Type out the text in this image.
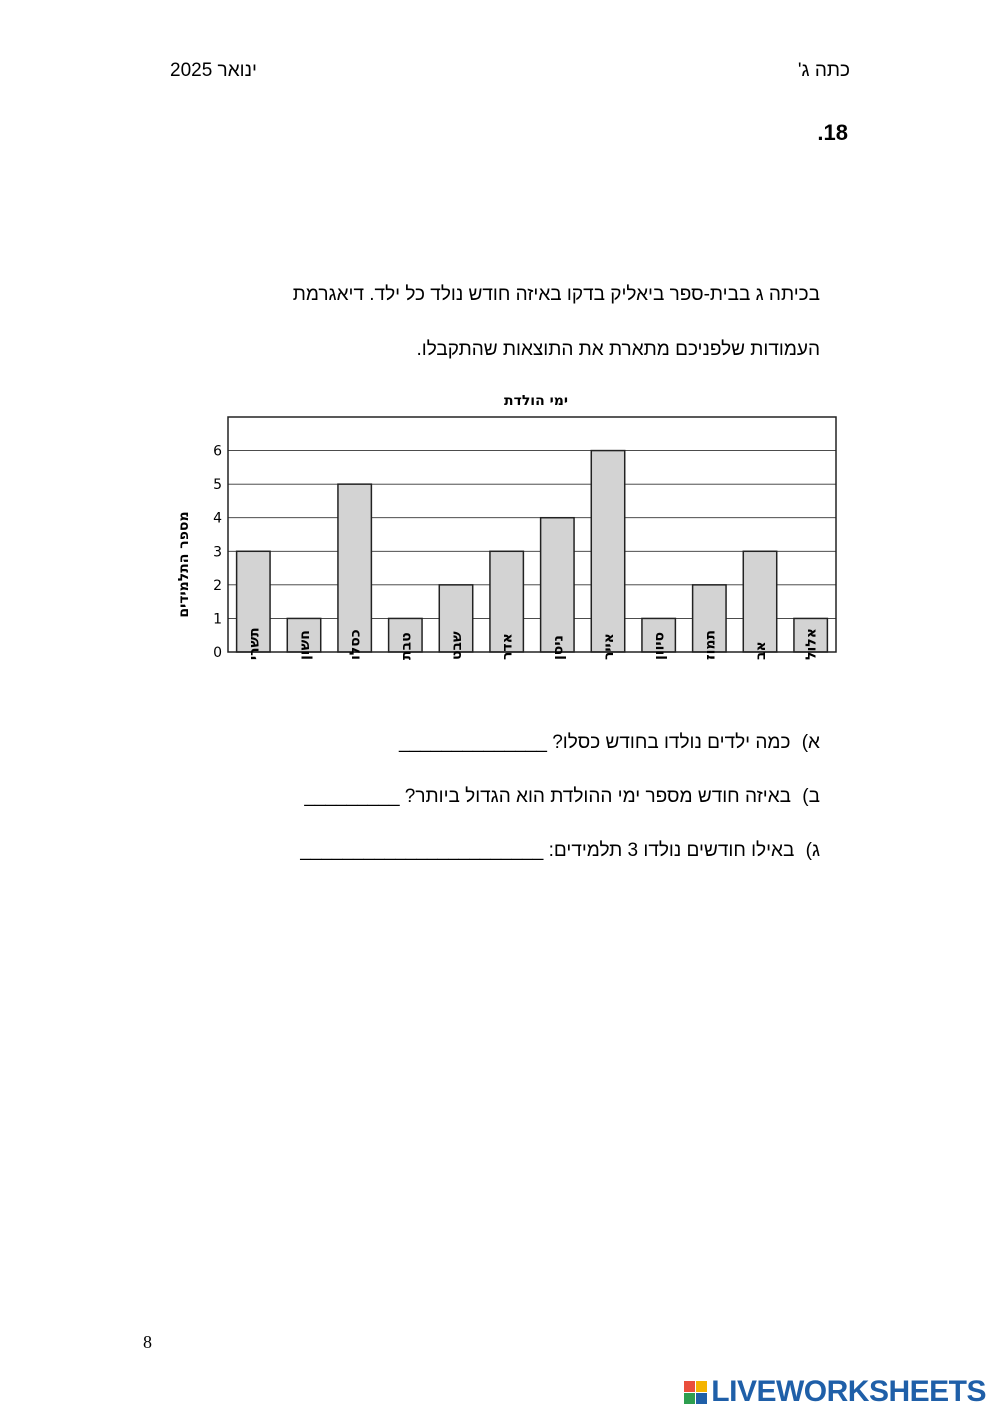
כתה ג'
ינואר 2025
.18
בכיתה ג בבית-ספר ביאליק בדקו באיזה חודש נולד כל ילד. דיאגרמת
העמודות שלפניכם מתארת את התוצאות שהתקבלו.
ימי הולדת
מספר התלמידים
0
1
2
3
4
5
6
תשרי חשון כסלו טבת שבט אדר ניסן אייר סיוון תמוז אב אלול
א) כמה ילדים נולדו בחודש כסלו? ______________
ב) באיזה חודש מספר ימי ההולדת הוא הגדול ביותר? _________
ג) באילו חודשים נולדו 3 תלמידים: _______________________
8
LIVEWORKSHEETS
